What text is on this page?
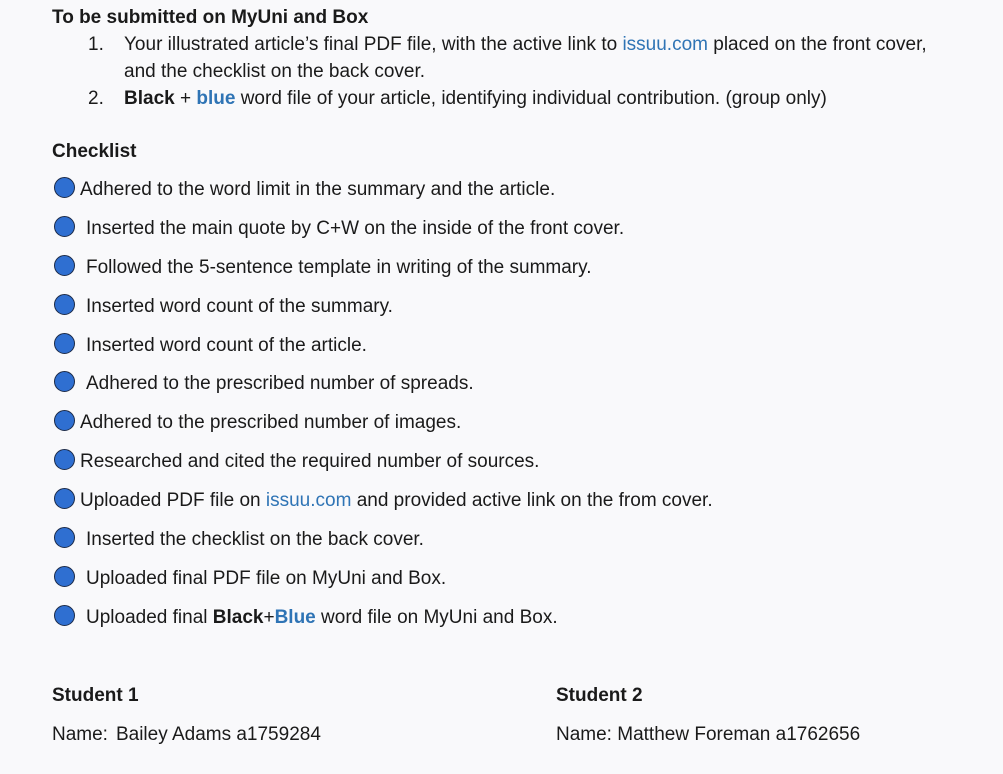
To be submitted on MyUni and Box
1. Your illustrated article’s final PDF file, with the active link to issuu.com placed on the front cover, and the checklist on the back cover.
2. Black + blue word file of your article, identifying individual contribution. (group only)
Checklist
Adhered to the word limit in the summary and the article.
Inserted the main quote by C+W on the inside of the front cover.
Followed the 5-sentence template in writing of the summary.
Inserted word count of the summary.
Inserted word count of the article.
Adhered to the prescribed number of spreads.
Adhered to the prescribed number of images.
Researched and cited the required number of sources.
Uploaded PDF file on issuu.com and provided active link on the from cover.
Inserted the checklist on the back cover.
Uploaded final PDF file on MyUni and Box.
Uploaded final Black+Blue word file on MyUni and Box.
Student 1
Name: Bailey Adams a1759284
Student 2
Name: Matthew Foreman a1762656
